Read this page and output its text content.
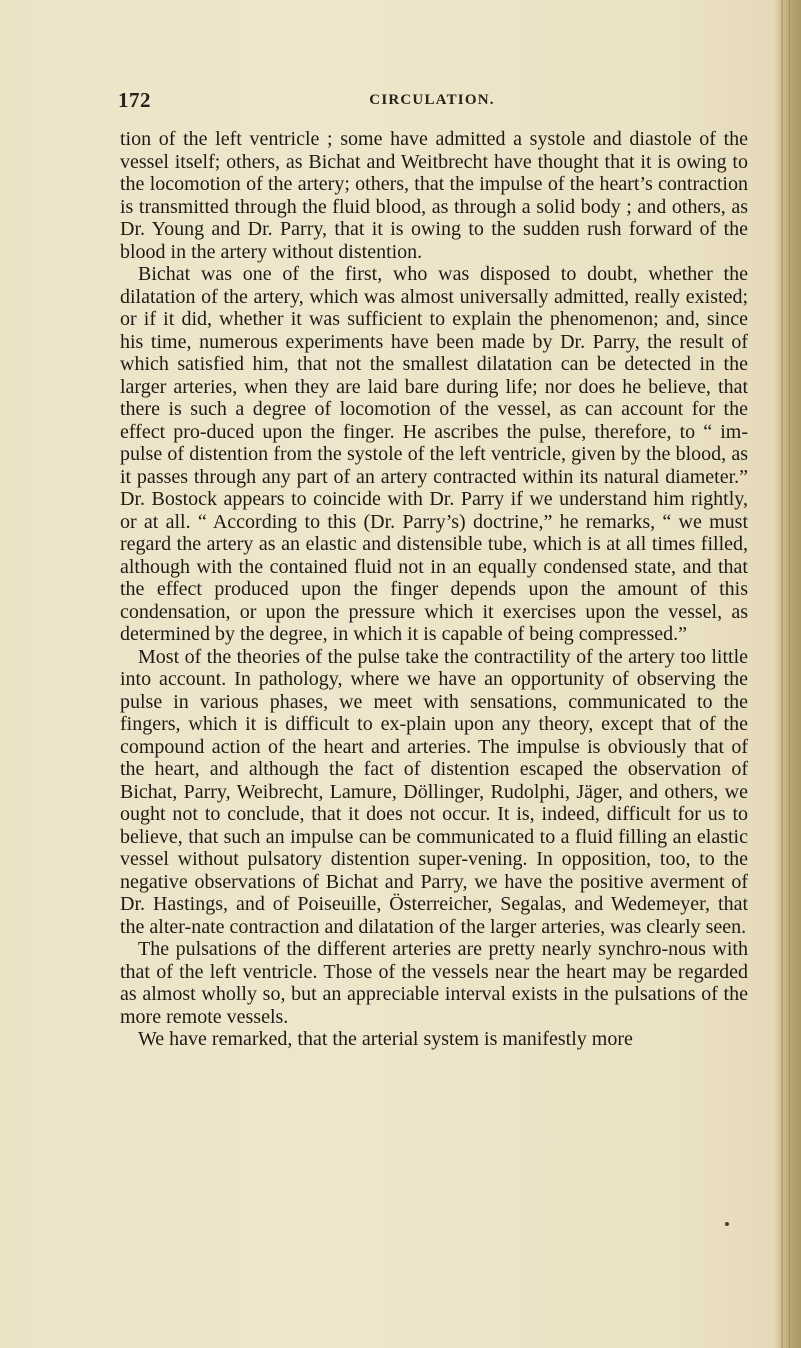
172	CIRCULATION.

tion of the left ventricle ; some have admitted a systole and diastole of the vessel itself; others, as Bichat and Weitbrecht have thought that it is owing to the locomotion of the artery; others, that the impulse of the heart’s contraction is transmitted through the fluid blood, as through a solid body ; and others, as Dr. Young and Dr. Parry, that it is owing to the sudden rush forward of the blood in the artery without distention.

Bichat was one of the first, who was disposed to doubt, whether the dilatation of the artery, which was almost universally admitted, really existed; or if it did, whether it was sufficient to explain the phenomenon; and, since his time, numerous experiments have been made by Dr. Parry, the result of which satisfied him, that not the smallest dilatation can be detected in the larger arteries, when they are laid bare during life; nor does he believe, that there is such a degree of locomotion of the vessel, as can account for the effect pro-duced upon the finger. He ascribes the pulse, therefore, to “ im-pulse of distention from the systole of the left ventricle, given by the blood, as it passes through any part of an artery contracted within its natural diameter.” Dr. Bostock appears to coincide with Dr. Parry if we understand him rightly, or at all. “ According to this (Dr. Parry’s) doctrine,” he remarks, “ we must regard the artery as an elastic and distensible tube, which is at all times filled, although with the contained fluid not in an equally condensed state, and that the effect produced upon the finger depends upon the amount of this condensation, or upon the pressure which it exercises upon the vessel, as determined by the degree, in which it is capable of being compressed.”

Most of the theories of the pulse take the contractility of the artery too little into account. In pathology, where we have an opportunity of observing the pulse in various phases, we meet with sensations, communicated to the fingers, which it is difficult to ex-plain upon any theory, except that of the compound action of the heart and arteries. The impulse is obviously that of the heart, and although the fact of distention escaped the observation of Bichat, Parry, Weibrecht, Lamure, Döllinger, Rudolphi, Jäger, and others, we ought not to conclude, that it does not occur. It is, indeed, difficult for us to believe, that such an impulse can be communicated to a fluid filling an elastic vessel without pulsatory distention super-vening. In opposition, too, to the negative observations of Bichat and Parry, we have the positive averment of Dr. Hastings, and of Poiseuille, Österreicher, Segalas, and Wedemeyer, that the alter-nate contraction and dilatation of the larger arteries, was clearly seen.

The pulsations of the different arteries are pretty nearly synchro-nous with that of the left ventricle. Those of the vessels near the heart may be regarded as almost wholly so, but an appreciable interval exists in the pulsations of the more remote vessels.

We have remarked, that the arterial system is manifestly more
